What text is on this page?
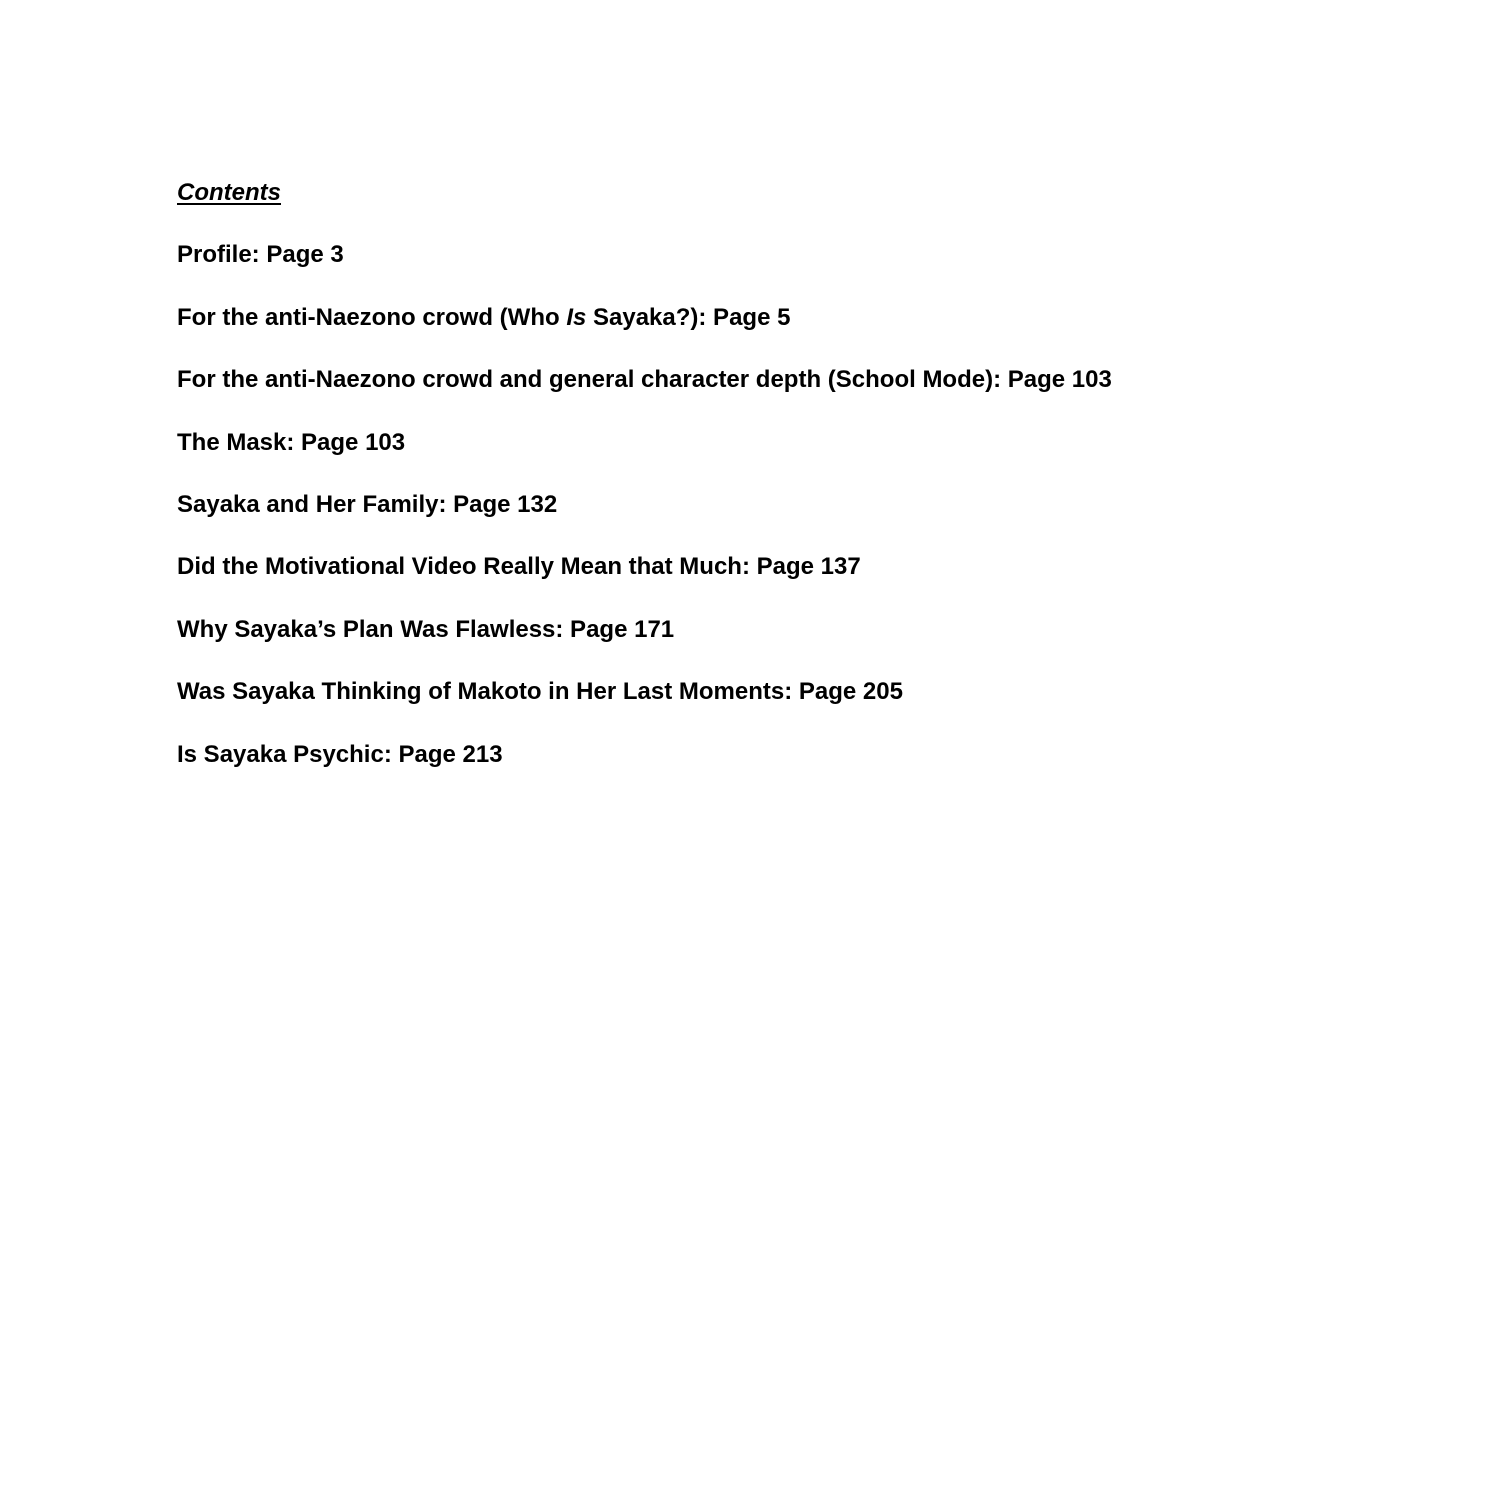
Contents
Profile: Page 3
For the anti-Naezono crowd (Who Is Sayaka?): Page 5
For the anti-Naezono crowd and general character depth (School Mode): Page 103
The Mask: Page 103
Sayaka and Her Family: Page 132
Did the Motivational Video Really Mean that Much: Page 137
Why Sayaka’s Plan Was Flawless: Page 171
Was Sayaka Thinking of Makoto in Her Last Moments: Page 205
Is Sayaka Psychic: Page 213
